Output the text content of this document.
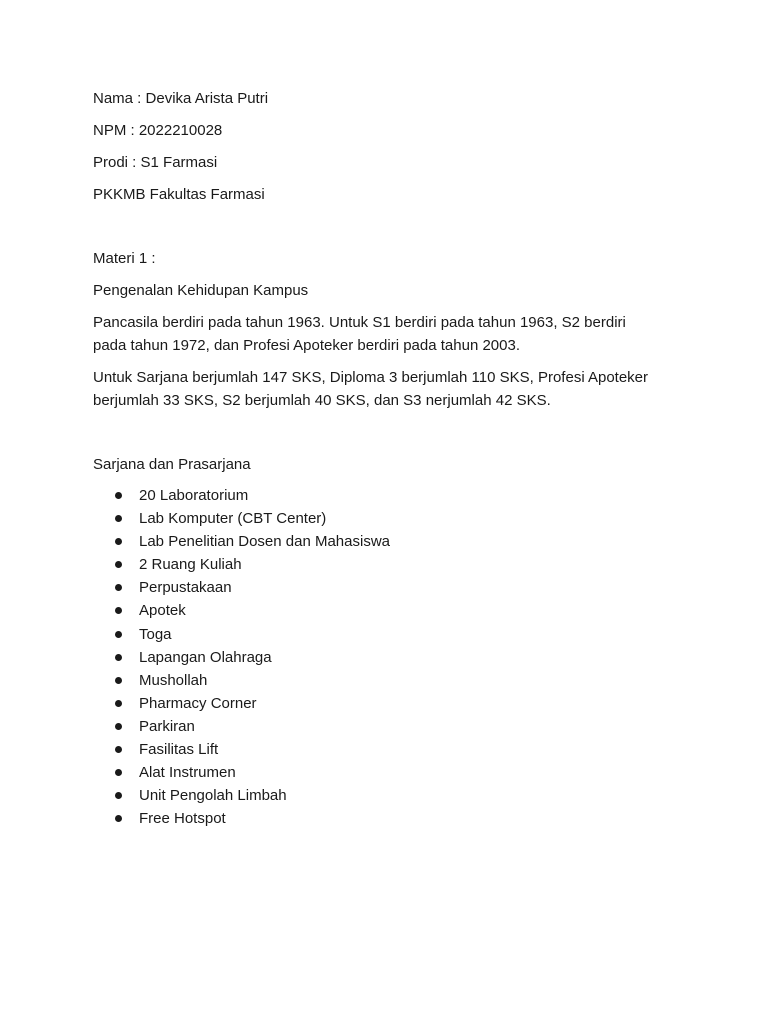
Nama : Devika Arista Putri

NPM : 2022210028

Prodi : S1 Farmasi

PKKMB Fakultas Farmasi

Materi 1 :

Pengenalan Kehidupan Kampus

Pancasila berdiri pada tahun 1963. Untuk S1 berdiri pada tahun 1963, S2 berdiri pada tahun 1972, dan Profesi Apoteker berdiri pada tahun 2003.

Untuk Sarjana berjumlah 147 SKS, Diploma 3 berjumlah 110 SKS, Profesi Apoteker berjumlah 33 SKS, S2 berjumlah 40 SKS, dan S3 nerjumlah 42 SKS.

Sarjana dan Prasarjana

20 Laboratorium
Lab Komputer (CBT Center)
Lab Penelitian Dosen dan Mahasiswa
2 Ruang Kuliah
Perpustakaan
Apotek
Toga
Lapangan Olahraga
Mushollah
Pharmacy Corner
Parkiran
Fasilitas Lift
Alat Instrumen
Unit Pengolah Limbah
Free Hotspot
